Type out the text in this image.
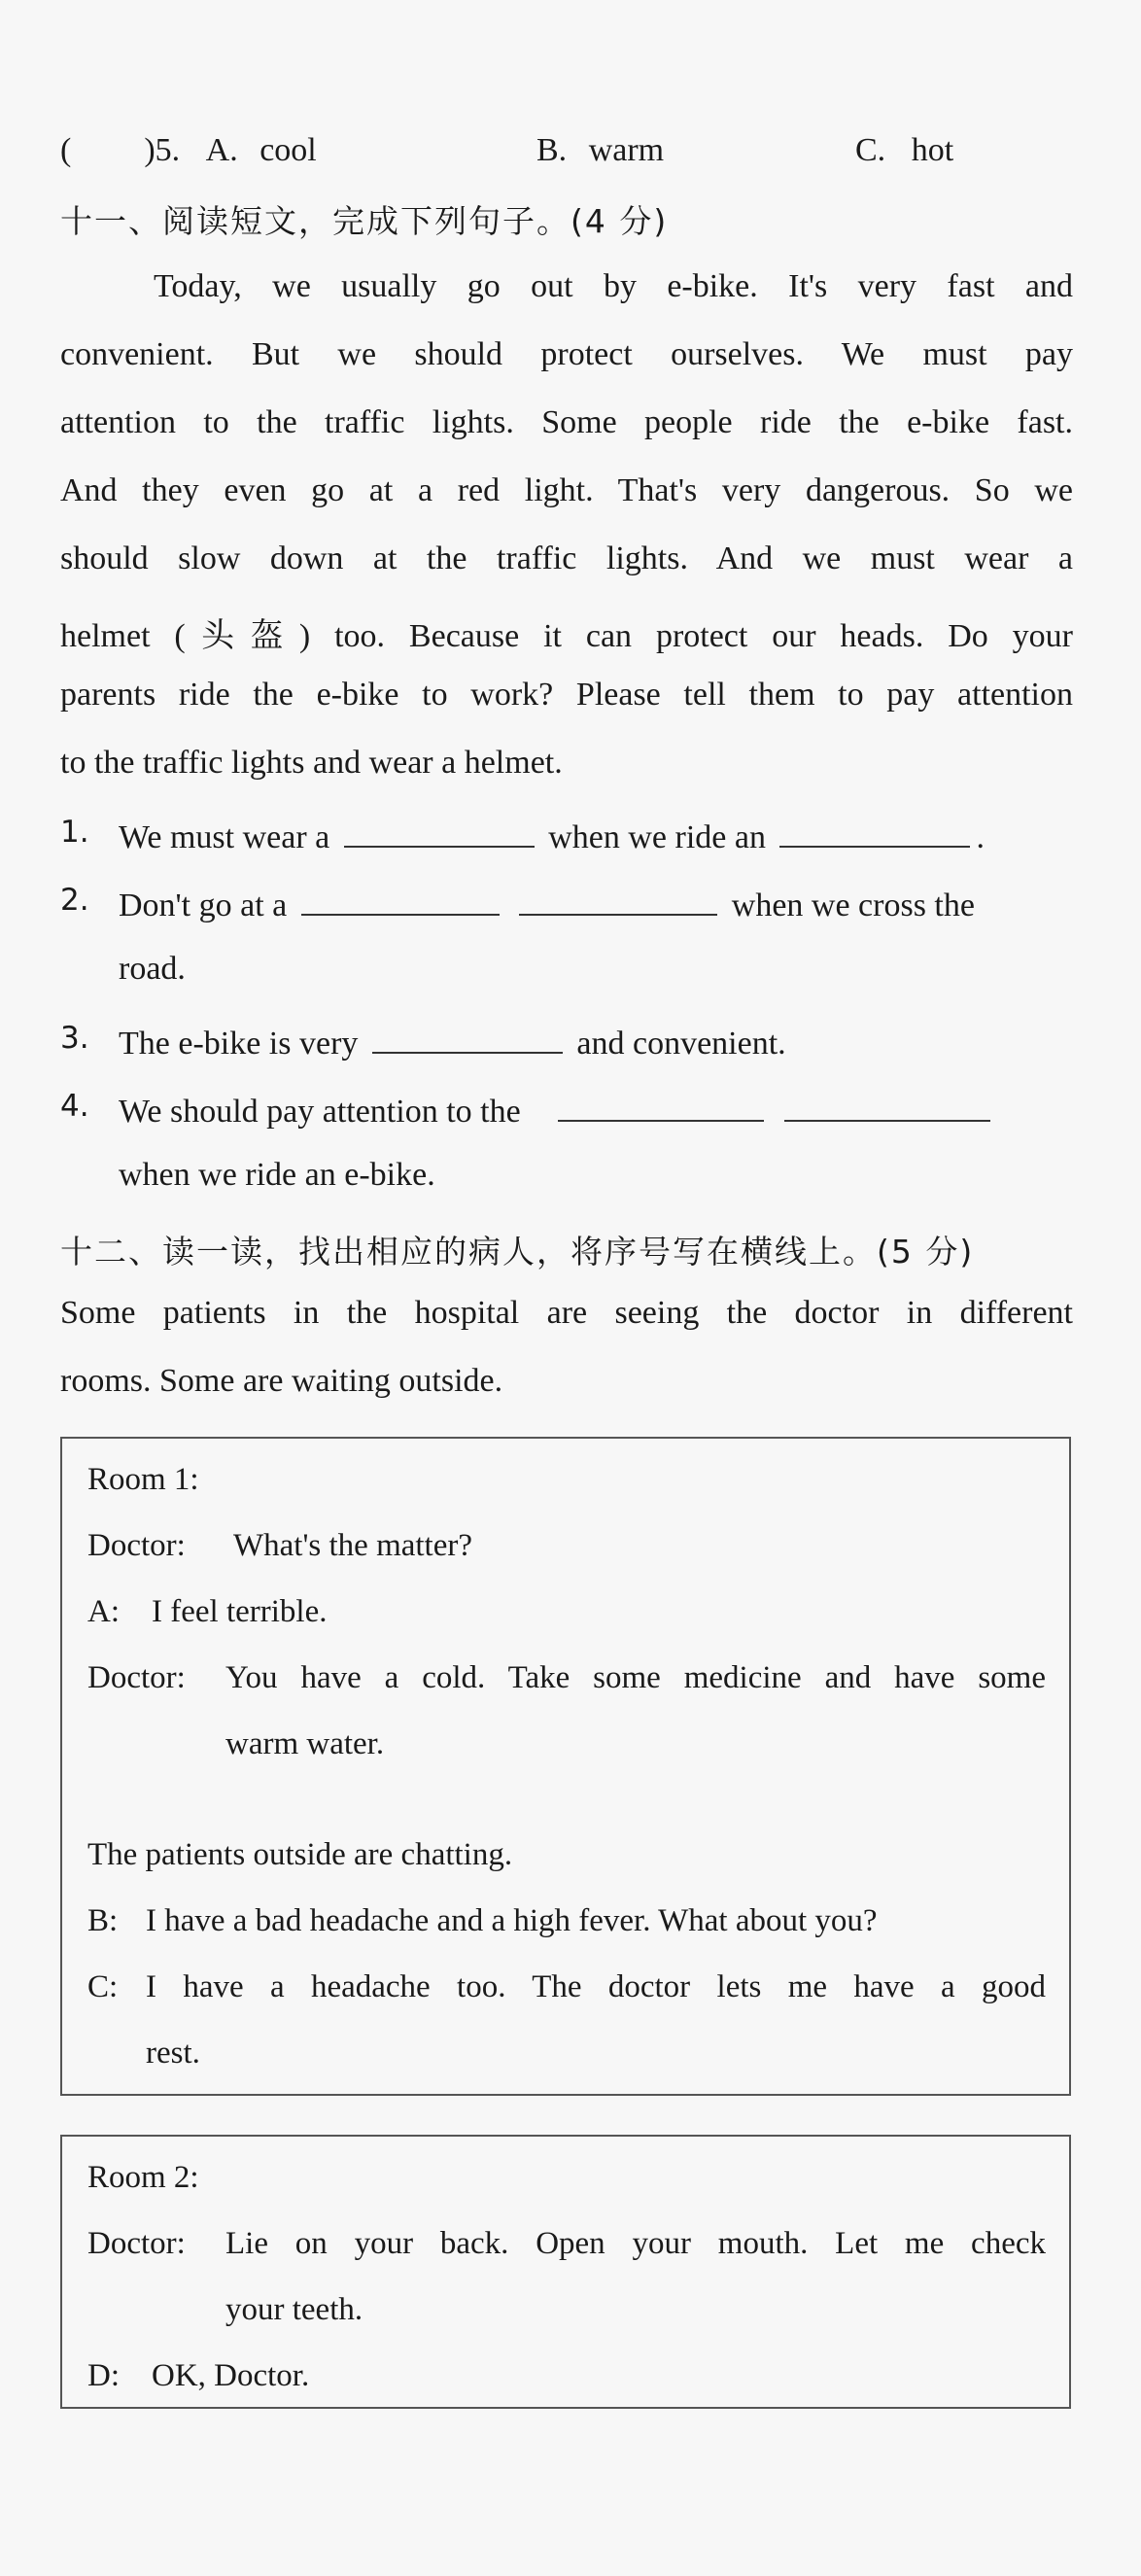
( )5. A. cool	B. warm	C. hot
十一、阅读短文，完成下列句子。(4 分)
Today, we usually go out by e-bike. It's very fast and
convenient. But we should protect ourselves. We must pay
attention to the traffic lights. Some people ride the e-bike fast.
And they even go at a red light. That's very dangerous. So we
should slow down at the traffic lights. And we must wear a
helmet (头盔) too. Because it can protect our heads. Do your
parents ride the e-bike to work? Please tell them to pay attention
to the traffic lights and wear a helmet.
1. We must wear a	when we ride an	.
2. Don't go at a	when we cross the
road.
3. The e-bike is very	and convenient.
4. We should pay attention to the
when we ride an e-bike.
十二、读一读，找出相应的病人，将序号写在横线上。(5 分)
Some patients in the hospital are seeing the doctor in different
rooms. Some are waiting outside.
Room 1:
Doctor: What's the matter?
A: I feel terrible.
Doctor: You have a cold. Take some medicine and have some
warm water.
The patients outside are chatting.
B: I have a bad headache and a high fever. What about you?
C: I have a headache too. The doctor lets me have a good
rest.
Room 2:
Doctor: Lie on your back. Open your mouth. Let me check
your teeth.
D: OK, Doctor.
